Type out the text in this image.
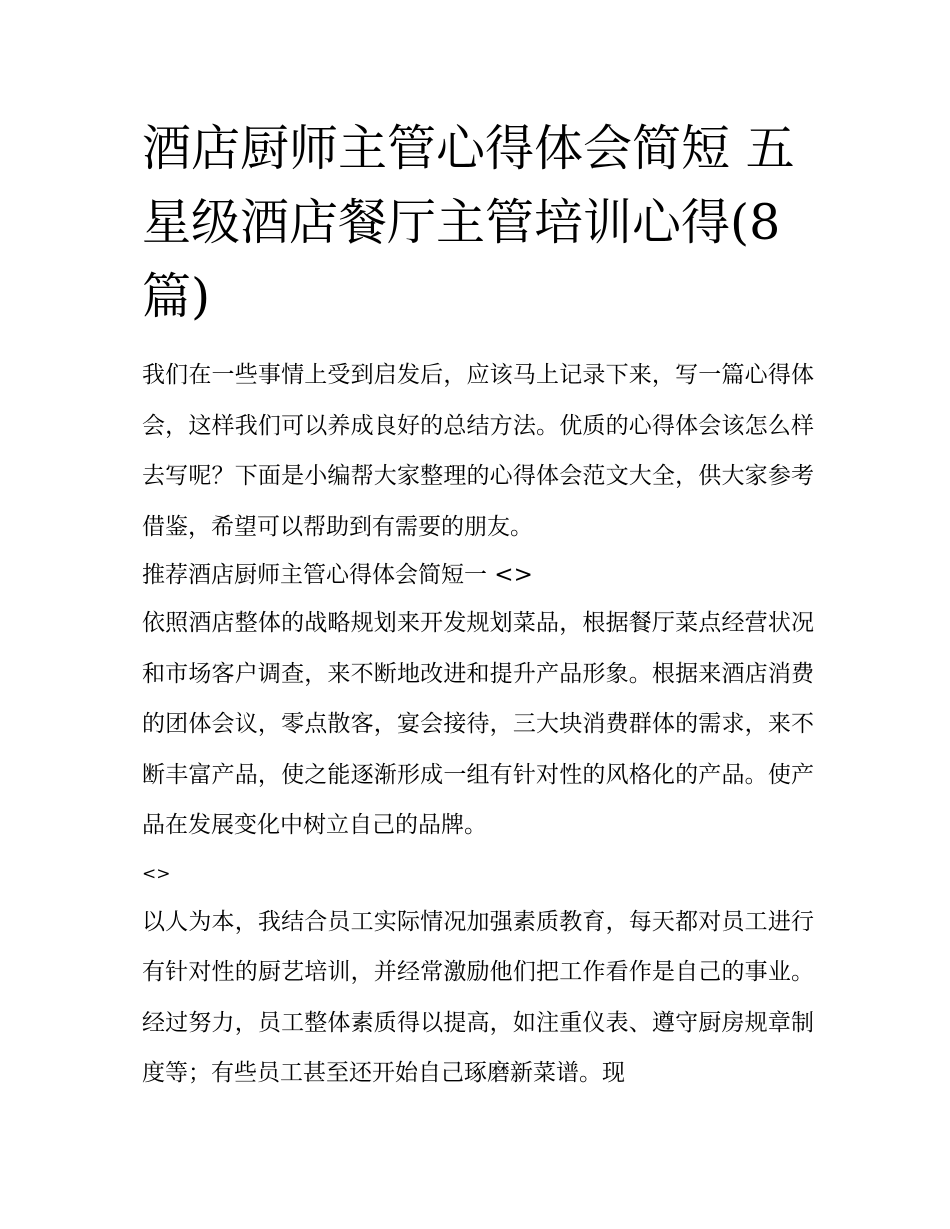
酒店厨师主管心得体会简短 五星级酒店餐厅主管培训心得(8篇)

我们在一些事情上受到启发后，应该马上记录下来，写一篇心得体会，这样我们可以养成良好的总结方法。优质的心得体会该怎么样去写呢？下面是小编帮大家整理的心得体会范文大全，供大家参考借鉴，希望可以帮助到有需要的朋友。

推荐酒店厨师主管心得体会简短一 <>

依照酒店整体的战略规划来开发规划菜品，根据餐厅菜点经营状况和市场客户调查，来不断地改进和提升产品形象。根据来酒店消费的团体会议，零点散客，宴会接待，三大块消费群体的需求，来不断丰富产品，使之能逐渐形成一组有针对性的风格化的产品。使产品在发展变化中树立自己的品牌。

<>

以人为本，我结合员工实际情况加强素质教育，每天都对员工进行有针对性的厨艺培训，并经常激励他们把工作看作是自己的事业。经过努力，员工整体素质得以提高，如注重仪表、遵守厨房规章制度等；有些员工甚至还开始自己琢磨新菜谱。现
